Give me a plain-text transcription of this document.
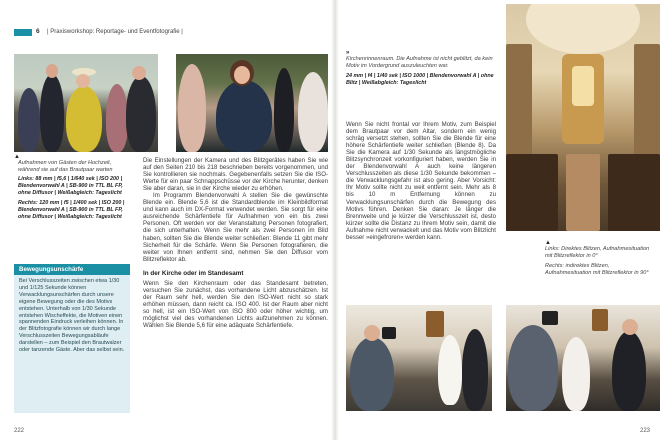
6 | Praxisworkshop: Reportage- und Eventfotografie |
▲
Aufnahmen von Gästen der Hochzeit, während sie auf das Brautpaar warten
Links: 88 mm | f5,6 | 1/640 sek | ISO 200 | Blendenvorwahl A | SB-900 in TTL BL FP, ohne Diffusor | Weißabgleich: Tageslicht
Rechts: 120 mm | f5 | 1/400 sek | ISO 200 | Blendenvorwahl A | SB-900 in TTL BL FP, ohne Diffusor | Weißabgleich: Tageslicht
Bewegungsunschärfe
Bei Verschlusszeiten zwischen etwa 1/30 und 1/125 Sekunde können Verwacklungsunschärfen durch unsere eigene Bewegung oder die des Motivs entstehen. Unterhalb von 1/30 Sekunde entstehen Wischeffekte, die Motiven einen spannenden Eindruck verleihen können. In der Blitzfotografie können wir durch lange Verschlusszeiten Bewegungsabläufe darstellen – zum Beispiel den Brautwalzer oder tanzende Gäste. Aber das selbst sein.

Die Einstellungen der Kamera und des Blitzgerätes haben Sie wie auf den Seiten 210 bis 218 beschrieben bereits vorgenommen, und Sie kontrollieren sie nochmals. Gegebenenfalls setzen Sie die ISO-Werte für ein paar Schnappschüsse vor der Kirche herunter, denken Sie aber daran, sie in der Kirche wieder zu erhöhen.

Im Programm Blendenvorwahl A stellen Sie die gewünschte Blende ein. Blende 5,6 ist die Standardblende im Kleinbildformat und kann auch im DX-Format verwendet werden. Sie sorgt für eine ausreichende Schärfentiefe für Aufnahmen von ein bis zwei Personen. Oft werden vor der Veranstaltung Personen fotografiert, die sich unterhalten. Wenn Sie mehr als zwei Personen im Bild haben, sollten Sie die Blende weiter schließen: Blende 11 gibt mehr Sicherheit für die Schärfe. Wenn Sie Personen fotografieren, die weiter von Ihnen entfernt sind, nehmen Sie den Diffusor vom Blitzreflektor ab.

In der Kirche oder im Standesamt

Wenn Sie den Kirchenraum oder das Standesamt betreten, versuchen Sie zunächst, das vorhandene Licht abzuschätzen. Ist der Raum sehr hell, werden Sie den ISO-Wert nicht so stark erhöhen müssen, dann reicht ca. ISO 400. Ist der Raum aber nicht so hell, ist ein ISO-Wert von ISO 800 oder höher wichtig, um möglichst viel des vorhandenen Lichts aufzunehmen zu können. Wählen Sie Blende 5,6 für eine adäquate Schärfentiefe.

»
Kirchenrinnenraum. Die Aufnahme ist nicht geblitzt, da kein Motiv im Vordergrund auszuleuchten war.
24 mm | f4 | 1/40 sek | ISO 1000 | Blendenvorwahl A | ohne Blitz | Weißabgleich: Tageslicht

Wenn Sie nicht frontal vor Ihrem Motiv, zum Beispiel dem Brautpaar vor dem Altar, sondern ein wenig schräg versetzt stehen, sollten Sie die Blende für eine höhere Schärfentiefe weiter schließen (Blende 8). Da Sie die Kamera auf 1/30 Sekunde als längstmögliche Blitzsynchronzeit vorkonfiguriert haben, werden Sie in der Blendenvorwahl A auch keine längeren Verschlusszeiten als diese 1/30 Sekunde bekommen – die Verwacklungsgefahr ist also gering. Aber Vorsicht: Ihr Motiv sollte nicht zu weit entfernt sein. Mehr als 8 bis 10 m Entfernung können zu Verwacklungsunschärfen durch die Bewegung des Motivs führen. Denken Sie daran: Je länger die Brennweite und je kürzer die Verschlusszeit ist, desto kürzer sollte die Distanz zu Ihrem Motiv sein, damit die Aufnahme nicht verwackelt und das Motiv vom Blitzlicht besser »eingefroren« werden kann.

▲
Links: Direktes Blitzen, Aufnahmesituation mit Blitzreflektor in 0°
Rechts: indirektes Blitzen, Aufnahmesituation mit Blitzreflektor in 90°
222	223
